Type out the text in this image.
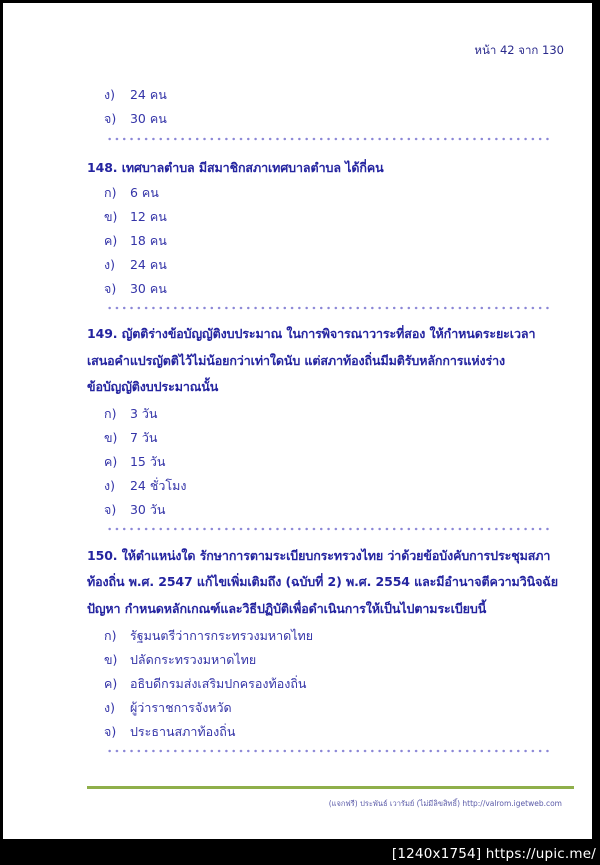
หน้า 42 จาก 130
ง) 24 คน
จ) 30 คน
148. เทศบาลตำบล มีสมาชิกสภาเทศบาลตำบล ได้กี่คน
ก) 6 คน
ข) 12 คน
ค) 18 คน
ง) 24 คน
จ) 30 คน
149. ญัตติร่างข้อบัญญัติงบประมาณ ในการพิจารณาวาระที่สอง ให้กำหนดระยะเวลา
เสนอคำแปรญัตติไว้ไม่น้อยกว่าเท่าใดนับ แต่สภาท้องถิ่นมีมติรับหลักการแห่งร่าง
ข้อบัญญัติงบประมาณนั้น
ก) 3 วัน
ข) 7 วัน
ค) 15 วัน
ง) 24 ชั่วโมง
จ) 30 วัน
150. ให้ตำแหน่งใด รักษาการตามระเบียบกระทรวงไทย ว่าด้วยข้อบังคับการประชุมสภา
ท้องถิ่น พ.ศ. 2547 แก้ไขเพิ่มเติมถึง (ฉบับที่ 2) พ.ศ. 2554 และมีอำนาจตีความวินิจฉัย
ปัญหา กำหนดหลักเกณฑ์และวิธีปฏิบัติเพื่อดำเนินการให้เป็นไปตามระเบียบนี้
ก) รัฐมนตรีว่าการกระทรวงมหาดไทย
ข) ปลัดกระทรวงมหาดไทย
ค) อธิบดีกรมส่งเสริมปกครองท้องถิ่น
ง) ผู้ว่าราชการจังหวัด
จ) ประธานสภาท้องถิ่น
(แจกฟรี) ประพันธ์ เวารัมย์ (ไม่มีลิขสิทธิ์) http://valrom.igetweb.com
[1240x1754] https://upic.me/
